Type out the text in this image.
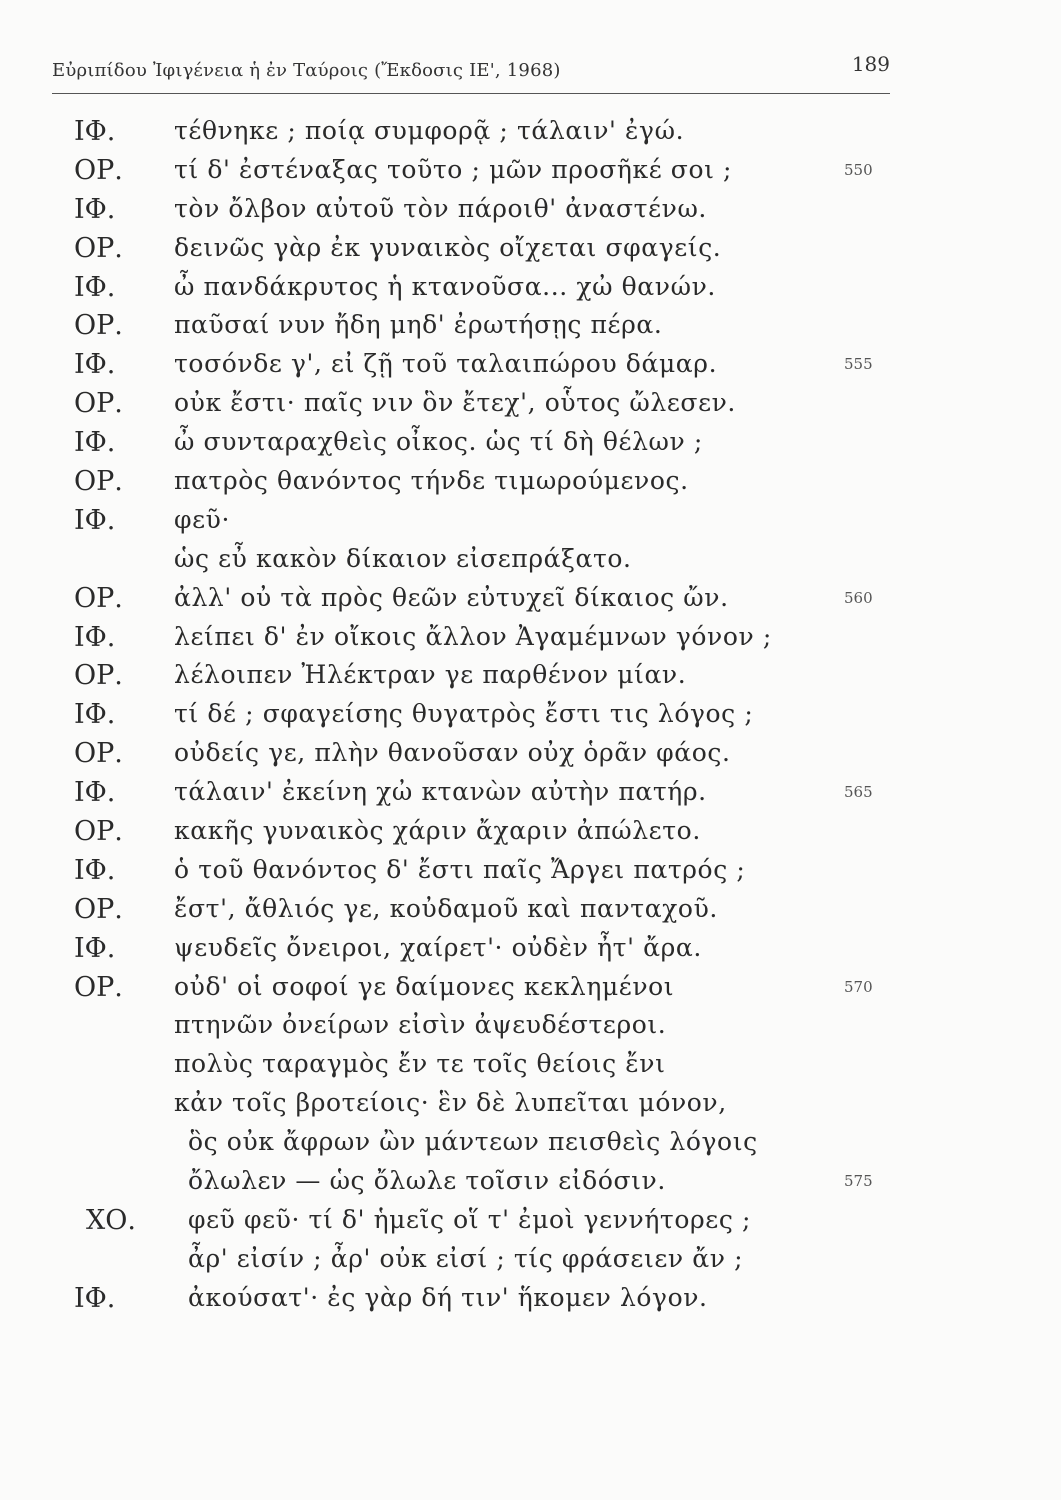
Εὐριπίδου Ἰφιγένεια ἡ ἐν Ταύροις (Ἔκδοσις ΙΕ', 1968)	189
ΙΦ. τέθνηκε ; ποίᾳ συμφορᾷ ; τάλαιν' ἐγώ.
ΟΡ. τί δ' ἐστέναξας τοῦτο ; μῶν προσῆκέ σοι ;	550
ΙΦ. τὸν ὄλβον αὐτοῦ τὸν πάροιθ' ἀναστένω.
ΟΡ. δεινῶς γὰρ ἐκ γυναικὸς οἴχεται σφαγείς.
ΙΦ. ὦ πανδάκρυτος ἡ κτανοῦσα... χὠ θανών.
ΟΡ. παῦσαί νυν ἤδη μηδ' ἐρωτήσῃς πέρα.
ΙΦ. τοσόνδε γ', εἰ ζῇ τοῦ ταλαιπώρου δάμαρ.	555
ΟΡ. οὐκ ἔστι· παῖς νιν ὃν ἔτεχ', οὗτος ὤλεσεν.
ΙΦ. ὦ συνταραχθεὶς οἶκος. ὡς τί δὴ θέλων ;
ΟΡ. πατρὸς θανόντος τήνδε τιμωρούμενος.
ΙΦ. φεῦ·
ὡς εὖ κακὸν δίκαιον εἰσεπράξατο.
ΟΡ. ἀλλ' οὐ τὰ πρὸς θεῶν εὐτυχεῖ δίκαιος ὤν.	560
ΙΦ. λείπει δ' ἐν οἴκοις ἄλλον Ἀγαμέμνων γόνον ;
ΟΡ. λέλοιπεν Ἠλέκτραν γε παρθένον μίαν.
ΙΦ. τί δέ ; σφαγείσης θυγατρὸς ἔστι τις λόγος ;
ΟΡ. οὐδείς γε, πλὴν θανοῦσαν οὐχ ὁρᾶν φάος.
ΙΦ. τάλαιν' ἐκείνη χὠ κτανὼν αὐτὴν πατήρ.	565
ΟΡ. κακῆς γυναικὸς χάριν ἄχαριν ἀπώλετο.
ΙΦ. ὁ τοῦ θανόντος δ' ἔστι παῖς Ἄργει πατρός ;
ΟΡ. ἔστ', ἄθλιός γε, κοὐδαμοῦ καὶ πανταχοῦ.
ΙΦ. ψευδεῖς ὄνειροι, χαίρετ'· οὐδὲν ἦτ' ἄρα.
ΟΡ. οὐδ' οἱ σοφοί γε δαίμονες κεκλημένοι	570
πτηνῶν ὀνείρων εἰσὶν ἀψευδέστεροι.
πολὺς ταραγμὸς ἔν τε τοῖς θείοις ἔνι
κἀν τοῖς βροτείοις· ἓν δὲ λυπεῖται μόνον,
ὃς οὐκ ἄφρων ὢν μάντεων πεισθεὶς λόγοις
ὄλωλεν — ὡς ὄλωλε τοῖσιν εἰδόσιν.	575
ΧΟ. φεῦ φεῦ· τί δ' ἡμεῖς οἵ τ' ἐμοὶ γεννήτορες ;
ἆρ' εἰσίν ; ἆρ' οὐκ εἰσί ; τίς φράσειεν ἄν ;
ΙΦ.	ἀκούσατ'· ἐς γὰρ δή τιν' ἥκομεν λόγον.
